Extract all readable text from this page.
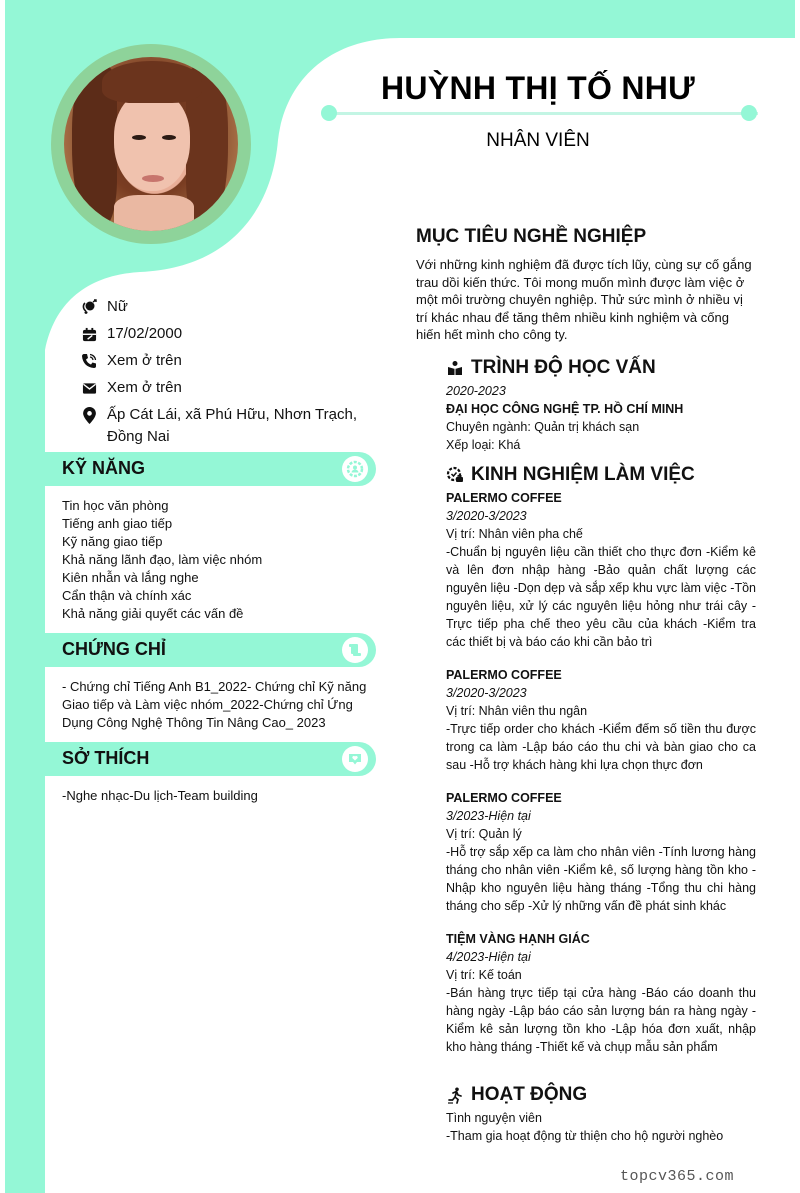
HUỲNH THỊ TỐ NHƯ
NHÂN VIÊN
Nữ
17/02/2000
Xem ở trên
Xem ở trên
Ấp Cát Lái, xã Phú Hữu, Nhơn Trạch,
Đồng Nai
KỸ NĂNG
Tin học văn phòng
Tiếng anh giao tiếp
Kỹ năng giao tiếp
Khả năng lãnh đạo, làm việc nhóm
Kiên nhẫn và lắng nghe
Cẩn thận và chính xác
Khả năng giải quyết các vấn đề
CHỨNG CHỈ
- Chứng chỉ Tiếng Anh B1_2022- Chứng chỉ Kỹ năng
Giao tiếp và Làm việc nhóm_2022-Chứng chỉ Ứng
Dụng Công Nghệ Thông Tin Nâng Cao_ 2023
SỞ THÍCH
-Nghe nhạc-Du lịch-Team building
MỤC TIÊU NGHỀ NGHIỆP
Với những kinh nghiệm đã được tích lũy, cùng sự cố gắng trau dồi kiến thức. Tôi mong muốn mình được làm việc ở một môi trường chuyên nghiệp. Thử sức mình ở nhiều vị trí khác nhau để tăng thêm nhiều kinh nghiệm và cống hiến hết mình cho công ty.
TRÌNH ĐỘ HỌC VẤN
2020-2023
ĐẠI HỌC CÔNG NGHỆ TP. HỒ CHÍ MINH
Chuyên ngành: Quản trị khách sạn
Xếp loại: Khá
KINH NGHIỆM LÀM VIỆC
PALERMO COFFEE
3/2020-3/2023
Vị trí: Nhân viên pha chế
-Chuẩn bị nguyên liệu cần thiết cho thực đơn -Kiểm kê và lên đơn nhập hàng -Bảo quản chất lượng các nguyên liệu -Dọn dẹp và sắp xếp khu vực làm việc -Tồn nguyên liệu, xử lý các nguyên liệu hỏng như trái cây -Trực tiếp pha chế theo yêu cầu của khách -Kiểm tra các thiết bị và báo cáo khi cần bảo trì
PALERMO COFFEE
3/2020-3/2023
Vị trí: Nhân viên thu ngân
-Trực tiếp order cho khách -Kiểm đếm số tiền thu được trong ca làm -Lập báo cáo thu chi và bàn giao cho ca sau -Hỗ trợ khách hàng khi lựa chọn thực đơn
PALERMO COFFEE
3/2023-Hiện tại
Vị trí: Quản lý
-Hỗ trợ sắp xếp ca làm cho nhân viên -Tính lương hàng tháng cho nhân viên -Kiểm kê, số lượng hàng tồn kho -Nhập kho nguyên liệu hàng tháng -Tổng thu chi hàng tháng cho sếp -Xử lý những vấn đề phát sinh khác
TIỆM VÀNG HẠNH GIÁC
4/2023-Hiện tại
Vị trí: Kế toán
-Bán hàng trực tiếp tại cửa hàng -Báo cáo doanh thu hàng ngày -Lập báo cáo sản lượng bán ra hàng ngày -Kiểm kê sản lượng tồn kho -Lập hóa đơn xuất, nhập kho hàng tháng -Thiết kế và chụp mẫu sản phẩm
HOẠT ĐỘNG
Tình nguyện viên
-Tham gia hoạt động từ thiện cho hộ người nghèo
topcv365.com
